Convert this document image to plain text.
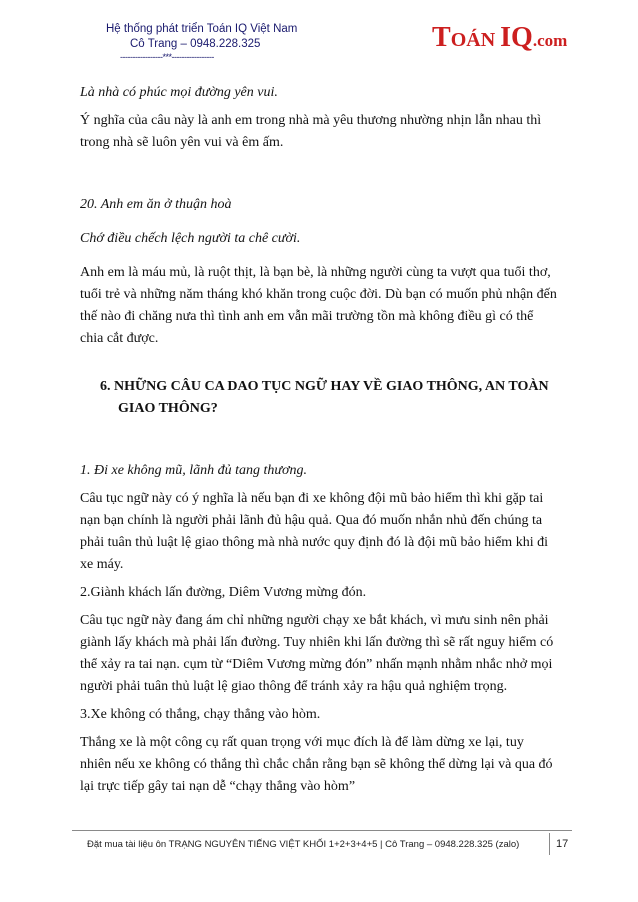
Hệ thống phát triển Toán IQ Việt Nam
Cô Trang – 0948.228.325
-----------------***-----------------
TOÁN IQ.com

Là nhà có phúc mọi đường yên vui.

Ý nghĩa của câu này là anh em trong nhà mà yêu thương nhường nhịn lẫn nhau thì trong nhà sẽ luôn yên vui và êm ấm.

20. Anh em ăn ở thuận hoà

Chớ điều chếch lệch người ta chê cười.

Anh em là máu mủ, là ruột thịt, là bạn bè, là những người cùng ta vượt qua tuổi thơ, tuổi trẻ và những năm tháng khó khăn trong cuộc đời. Dù bạn có muốn phủ nhận đến thế nào đi chăng nưa thì tình anh em vẫn mãi trường tồn mà không điều gì có thể chia cắt được.

6. NHỮNG CÂU CA DAO TỤC NGỮ HAY VỀ GIAO THÔNG, AN TOÀN GIAO THÔNG?

1. Đi xe không mũ, lãnh đủ tang thương.

Câu tục ngữ này có ý nghĩa là nếu bạn đi xe không đội mũ bảo hiểm thì khi gặp tai nạn bạn chính là người phải lãnh đủ hậu quả. Qua đó muốn nhắn nhủ đến chúng ta phải tuân thủ luật lệ giao thông mà nhà nước quy định đó là đội mũ bảo hiểm khi đi xe máy.

2.Giành khách lấn đường, Diêm Vương mừng đón.

Câu tục ngữ này đang ám chỉ những người chạy xe bắt khách, vì mưu sinh nên phải giành lấy khách mà phải lấn đường. Tuy nhiên khi lấn đường thì sẽ rất nguy hiểm có thể xảy ra tai nạn. cụm từ “Diêm Vương mừng đón” nhấn mạnh nhằm nhắc nhở mọi người phải tuân thủ luật lệ giao thông để tránh xảy ra hậu quả nghiệm trọng.

3.Xe không có thắng, chạy thẳng vào hòm.

Thắng xe là một công cụ rất quan trọng với mục đích là để làm dừng xe lại, tuy nhiên nếu xe không có thắng thì chắc chắn rằng bạn sẽ không thể dừng lại và qua đó lại trực tiếp gây tai nạn dễ “chạy thẳng vào hòm”

Đặt mua tài liệu ôn TRẠNG NGUYÊN TIẾNG VIỆT KHỐI 1+2+3+4+5 | Cô Trang – 0948.228.325 (zalo)	17
